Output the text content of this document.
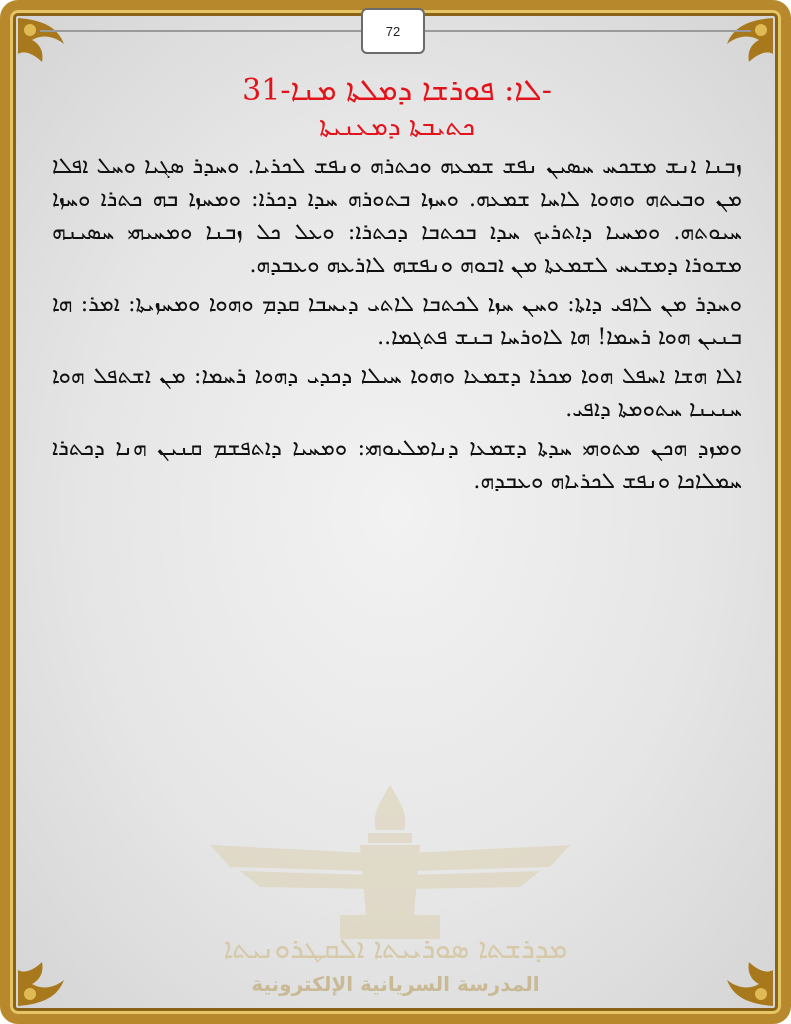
72
ܡܕܪܫܬܐ ܣܘܪܝܝܬܐ ܐܠܩܛܪܘܢܝܬܐ
المدرسة السريانية الإلكترونية
ܠܐ: ܦܘܪܫܐ ܕܡܠܬܐ ܡܢܐ-31-
ܟܬܝܒܬܐ ܕܡܥܢܝܬܐ

ܙܒܢܐ ܐܢܫ ܡܫܟܚ ܚܣܝܢ ܢܦܫ ܫܡܥܗ ܘܟܬܪܗ ܘܢܦܫ ܠܟܪܝܐ. ܘܚܕܪ ܣܓܝܐ ܘܚܠ ܐܦܠܐ ܡܢ ܘܒܝܬܗ ܘܗܘܐ ܠܐܚܐ ܫܡܥܗ. ܘܚܙܐ ܒܬܘܪܗ ܚܕܐ ܕܟܪܐ: ܘܡܚܙܐ ܒܗ ܟܬܪܐ ܘܚܙܐ ܚܝܘܬܗ. ܘܡܚܝܐ ܕܐܬܪܝܟ ܚܕܐ ܒܟܬܒܐ ܕܟܬܪܐ: ܘܥܠ ܟܠ ܙܒܢܐ ܘܡܚܝܗܝ ܚܣܝܢܗ ܡܫܘܪܐ ܕܡܫܝܚ ܠܫܡܥܬܐ ܡܢ ܐܒܘܗ ܘܢܦܫܗ ܠܐܪܥܗ ܘܥܒܕܗ.

ܘܚܕܪ ܡܢ ܠܐܦܝ ܕܐܬܐ: ܘܚܢ ܚܙܐ ܠܟܬܒܐ ܠܐܬܝ ܕܝܚܒܐ ܩܕܡ ܘܗܘܐ ܘܡܚܙܝܬܐ: ܐܡܪ: ܗܐ ܒܢܝܢ ܗܘܐ ܪܚܡܐ! ܗܐ ܠܐܘܪܚܐ ܒܢܫ ܦܬܓܡܐ..

ܐܠܐ ܗܫܐ ܐܚܦܠ ܗܘܐ ܡܟܪܐ ܕܫܡܥܐ ܘܗܘܐ ܚܝܠܐ ܕܟܕܝ ܕܗܘܐ ܪܚܡܐ: ܡܢ ܐܫܬܦܠ ܗܘܐ ܚܢܝܢܐ ܚܬܘܡܬܐ ܕܐܦܝ.

ܘܡܙܕ ܗܟܢ ܡܬܘܗܝ ܚܕܬܐ ܕܫܡܥܐ ܕܢܐܡܠܝܘܗܝ: ܘܡܚܝܐ ܕܐܬܦܫܡ ܩܢܝܢ ܗܢܐ ܕܟܬܪܐ ܚܡܠܐܟܐ ܘܢܦܫ ܠܟܪܝܐܗ ܘܥܒܕܗ.
